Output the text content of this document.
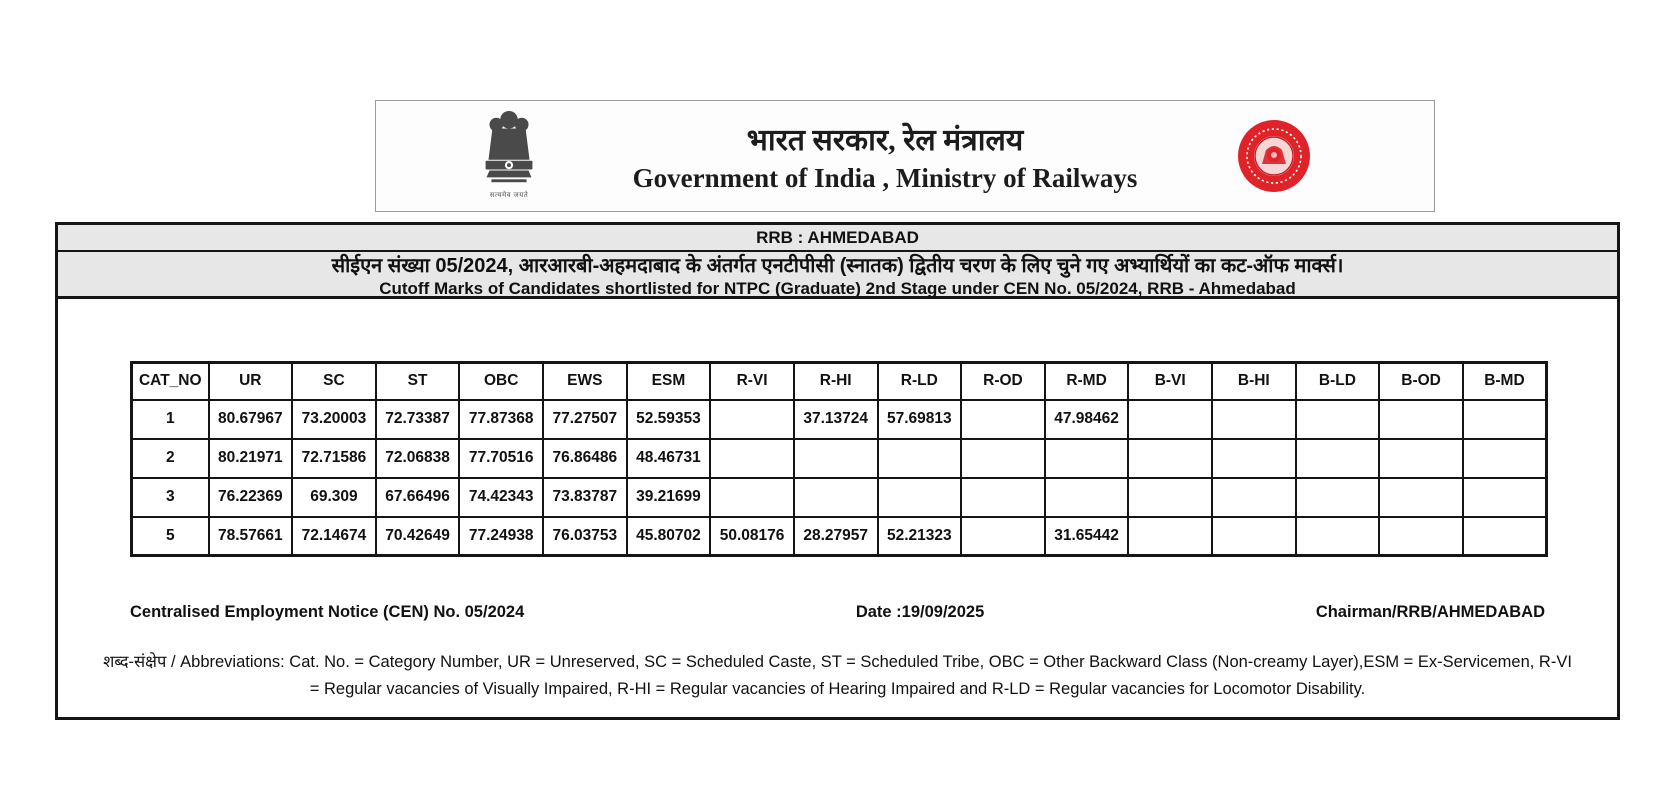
सत्यमेव जयते
भारत सरकार, रेल मंत्रालय
Government of India , Ministry of Railways
RRB : AHMEDABAD
सीईएन संख्या 05/2024, आरआरबी-अहमदाबाद के अंतर्गत एनटीपीसी (स्नातक) द्वितीय चरण के लिए चुने गए अभ्यार्थियों का कट-ऑफ मार्क्स।
Cutoff Marks of Candidates shortlisted for NTPC (Graduate) 2nd Stage under CEN No. 05/2024, RRB - Ahmedabad
CAT_NO	UR	SC	ST	OBC	EWS	ESM	R-VI	R-HI	R-LD	R-OD	R-MD	B-VI	B-HI	B-LD	B-OD	B-MD
1	80.67967	73.20003	72.73387	77.87368	77.27507	52.59353		37.13724	57.69813		47.98462					
2	80.21971	72.71586	72.06838	77.70516	76.86486	48.46731										
3	76.22369	69.309	67.66496	74.42343	73.83787	39.21699										
5	78.57661	72.14674	70.42649	77.24938	76.03753	45.80702	50.08176	28.27957	52.21323		31.65442					
Centralised Employment Notice (CEN) No. 05/2024	Date :19/09/2025	Chairman/RRB/AHMEDABAD
शब्द-संक्षेप / Abbreviations: Cat. No. = Category Number, UR = Unreserved, SC = Scheduled Caste, ST = Scheduled Tribe, OBC = Other Backward Class (Non-creamy Layer),ESM = Ex-Servicemen, R-VI
= Regular vacancies of Visually Impaired, R-HI = Regular vacancies of Hearing Impaired and R-LD = Regular vacancies for Locomotor Disability.
